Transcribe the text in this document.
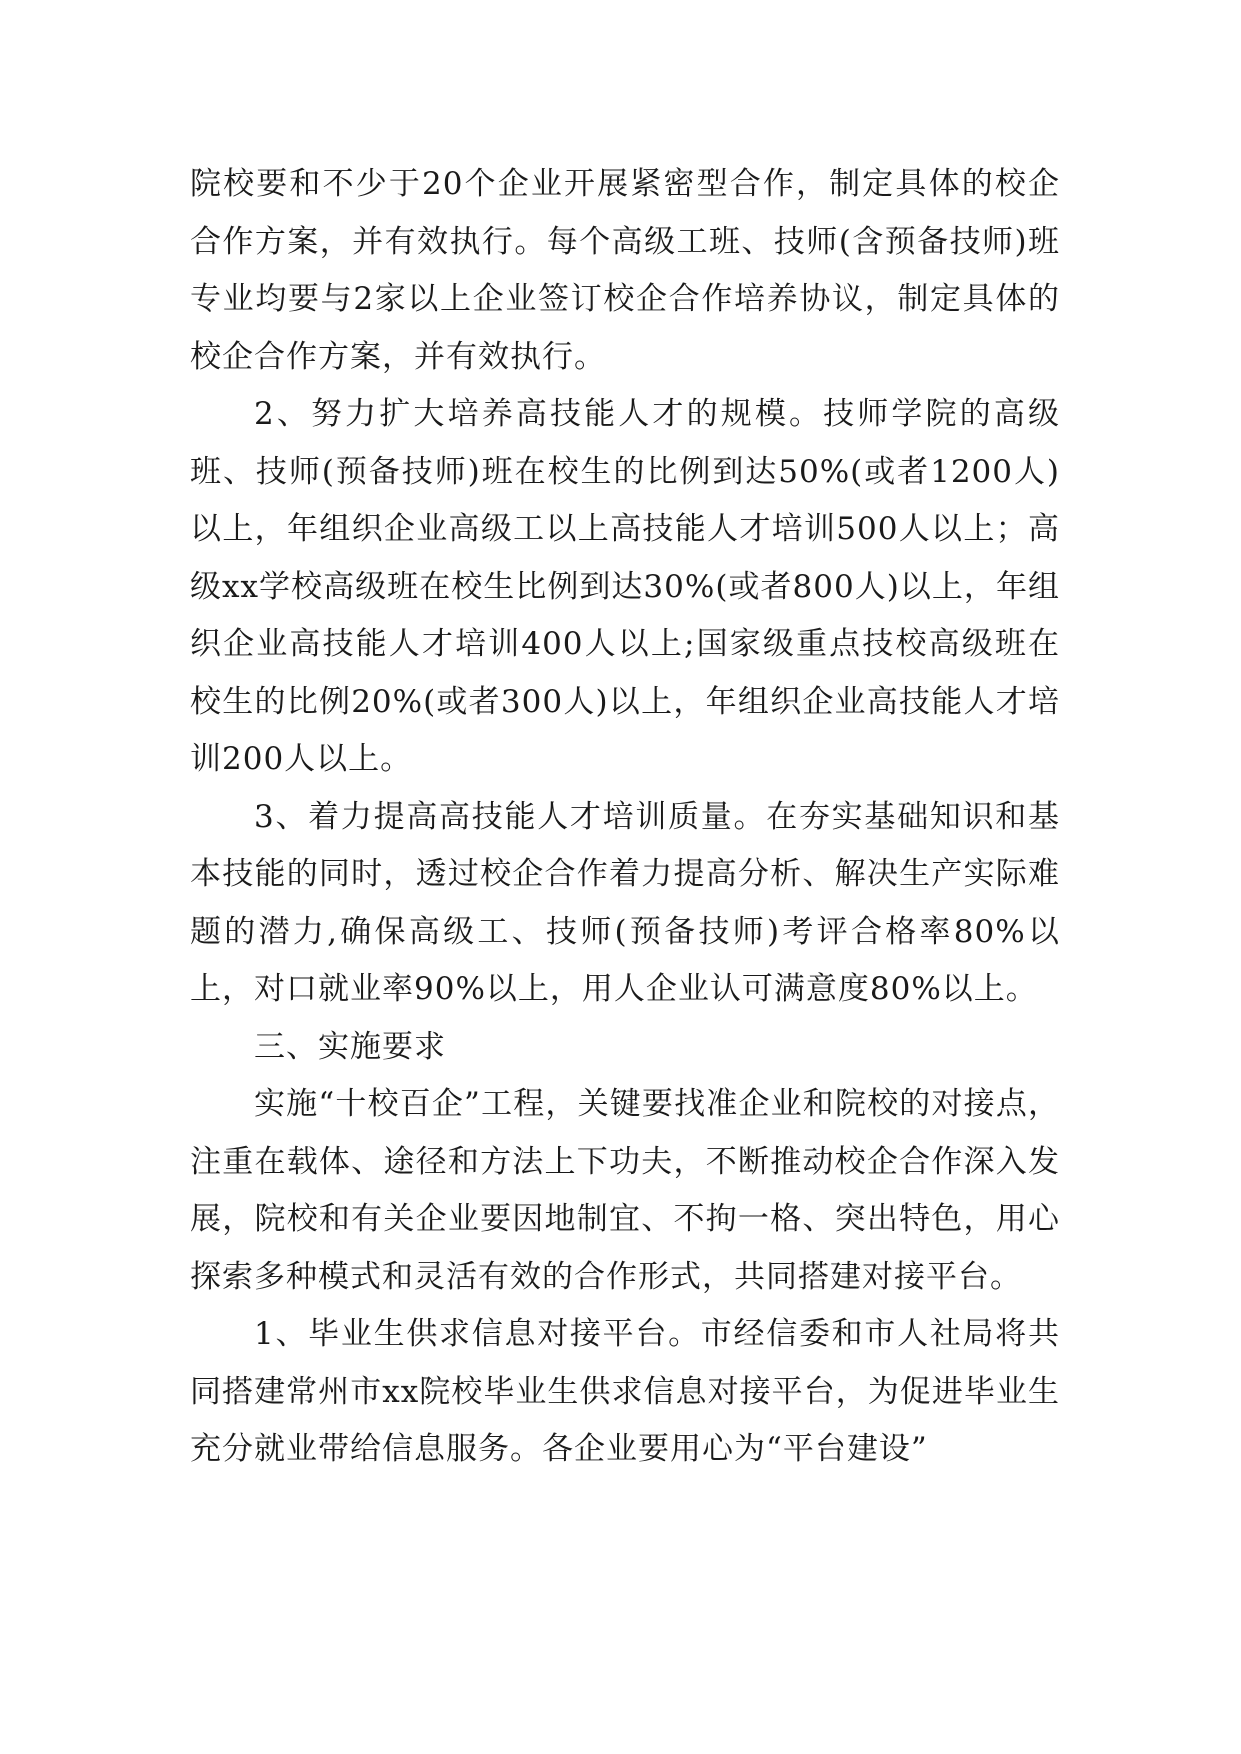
院校要和不少于20个企业开展紧密型合作，制定具体的校企合作方案，并有效执行。每个高级工班、技师(含预备技师)班专业均要与2家以上企业签订校企合作培养协议，制定具体的校企合作方案，并有效执行。

2、努力扩大培养高技能人才的规模。技师学院的高级班、技师(预备技师)班在校生的比例到达50%(或者1200人)以上，年组织企业高级工以上高技能人才培训500人以上；高级xx学校高级班在校生比例到达30%(或者800人)以上，年组织企业高技能人才培训400人以上;国家级重点技校高级班在校生的比例20%(或者300人)以上，年组织企业高技能人才培训200人以上。

3、着力提高高技能人才培训质量。在夯实基础知识和基本技能的同时，透过校企合作着力提高分析、解决生产实际难题的潜力,确保高级工、技师(预备技师)考评合格率80%以上，对口就业率90%以上，用人企业认可满意度80%以上。

三、实施要求

实施“十校百企”工程，关键要找准企业和院校的对接点，注重在载体、途径和方法上下功夫，不断推动校企合作深入发展，院校和有关企业要因地制宜、不拘一格、突出特色，用心探索多种模式和灵活有效的合作形式，共同搭建对接平台。

1、毕业生供求信息对接平台。市经信委和市人社局将共同搭建常州市xx院校毕业生供求信息对接平台，为促进毕业生充分就业带给信息服务。各企业要用心为“平台建设”
